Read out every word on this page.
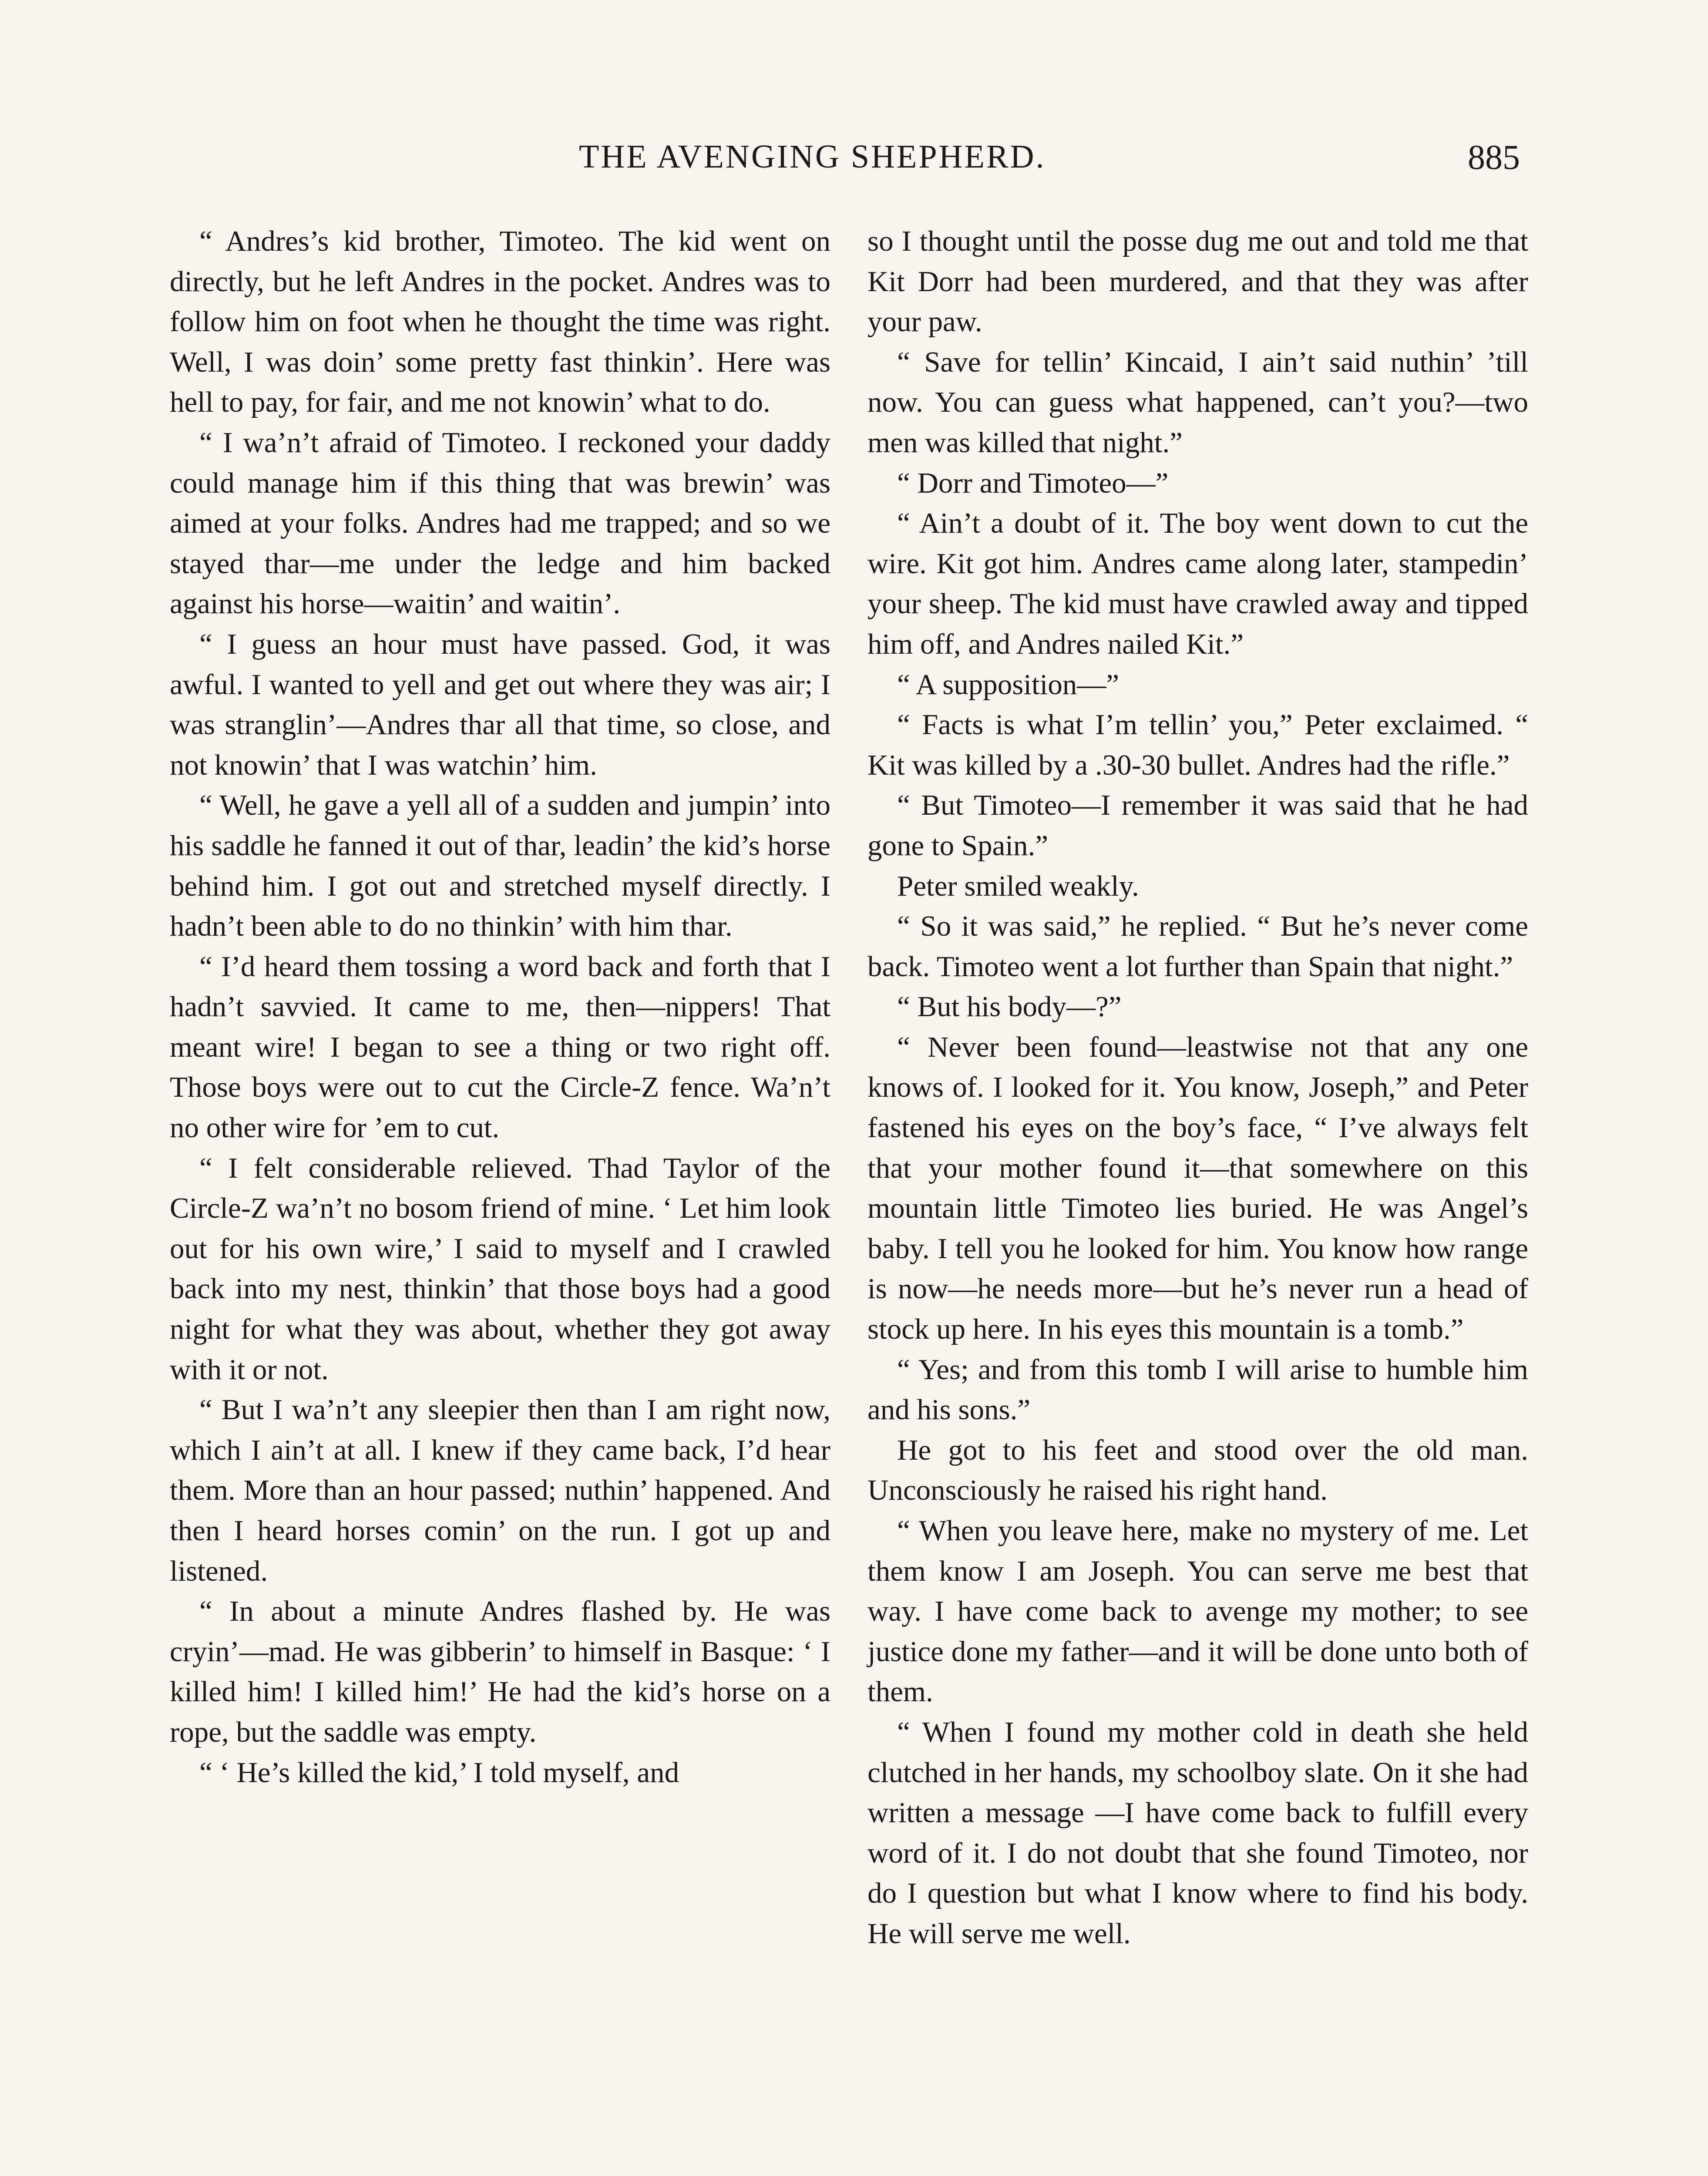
THE AVENGING SHEPHERD.	885

“ Andres’s kid brother, Timoteo. The kid went on directly, but he left Andres in the pocket. Andres was to follow him on foot when he thought the time was right. Well, I was doin’ some pretty fast thinkin’. Here was hell to pay, for fair, and me not knowin’ what to do.

“ I wa’n’t afraid of Timoteo. I reckoned your daddy could manage him if this thing that was brewin’ was aimed at your folks. Andres had me trapped; and so we stayed thar—me under the ledge and him backed against his horse—waitin’ and waitin’.

“ I guess an hour must have passed. God, it was awful. I wanted to yell and get out where they was air; I was stranglin’—Andres thar all that time, so close, and not knowin’ that I was watchin’ him.

“ Well, he gave a yell all of a sudden and jumpin’ into his saddle he fanned it out of thar, leadin’ the kid’s horse behind him. I got out and stretched myself directly. I hadn’t been able to do no thinkin’ with him thar.

“ I’d heard them tossing a word back and forth that I hadn’t savvied. It came to me, then—nippers! That meant wire! I began to see a thing or two right off. Those boys were out to cut the Circle-Z fence. Wa’n’t no other wire for ’em to cut.

“ I felt considerable relieved. Thad Taylor of the Circle-Z wa’n’t no bosom friend of mine. ‘ Let him look out for his own wire,’ I said to myself and I crawled back into my nest, thinkin’ that those boys had a good night for what they was about, whether they got away with it or not.

“ But I wa’n’t any sleepier then than I am right now, which I ain’t at all. I knew if they came back, I’d hear them. More than an hour passed; nuthin’ happened. And then I heard horses comin’ on the run. I got up and listened.

“ In about a minute Andres flashed by. He was cryin’—mad. He was gibberin’ to himself in Basque: ‘ I killed him! I killed him!’ He had the kid’s horse on a rope, but the saddle was empty.

“ ‘ He’s killed the kid,’ I told myself, and

so I thought until the posse dug me out and told me that Kit Dorr had been murdered, and that they was after your paw.

“ Save for tellin’ Kincaid, I ain’t said nuthin’ ’till now. You can guess what happened, can’t you?—two men was killed that night.”

“ Dorr and Timoteo—”

“ Ain’t a doubt of it. The boy went down to cut the wire. Kit got him. Andres came along later, stampedin’ your sheep. The kid must have crawled away and tipped him off, and Andres nailed Kit.”

“ A supposition—”

“ Facts is what I’m tellin’ you,” Peter exclaimed. “ Kit was killed by a .30-30 bullet. Andres had the rifle.”

“ But Timoteo—I remember it was said that he had gone to Spain.”

Peter smiled weakly.

“ So it was said,” he replied. “ But he’s never come back. Timoteo went a lot further than Spain that night.”

“ But his body—?”

“ Never been found—leastwise not that any one knows of. I looked for it. You know, Joseph,” and Peter fastened his eyes on the boy’s face, “ I’ve always felt that your mother found it—that somewhere on this mountain little Timoteo lies buried. He was Angel’s baby. I tell you he looked for him. You know how range is now—he needs more—but he’s never run a head of stock up here. In his eyes this mountain is a tomb.”

“ Yes; and from this tomb I will arise to humble him and his sons.”

He got to his feet and stood over the old man. Unconsciously he raised his right hand.

“ When you leave here, make no mystery of me. Let them know I am Joseph. You can serve me best that way. I have come back to avenge my mother; to see justice done my father—and it will be done unto both of them.

“ When I found my mother cold in death she held clutched in her hands, my schoolboy slate. On it she had written a message —I have come back to fulfill every word of it. I do not doubt that she found Timoteo, nor do I question but what I know where to find his body. He will serve me well.
